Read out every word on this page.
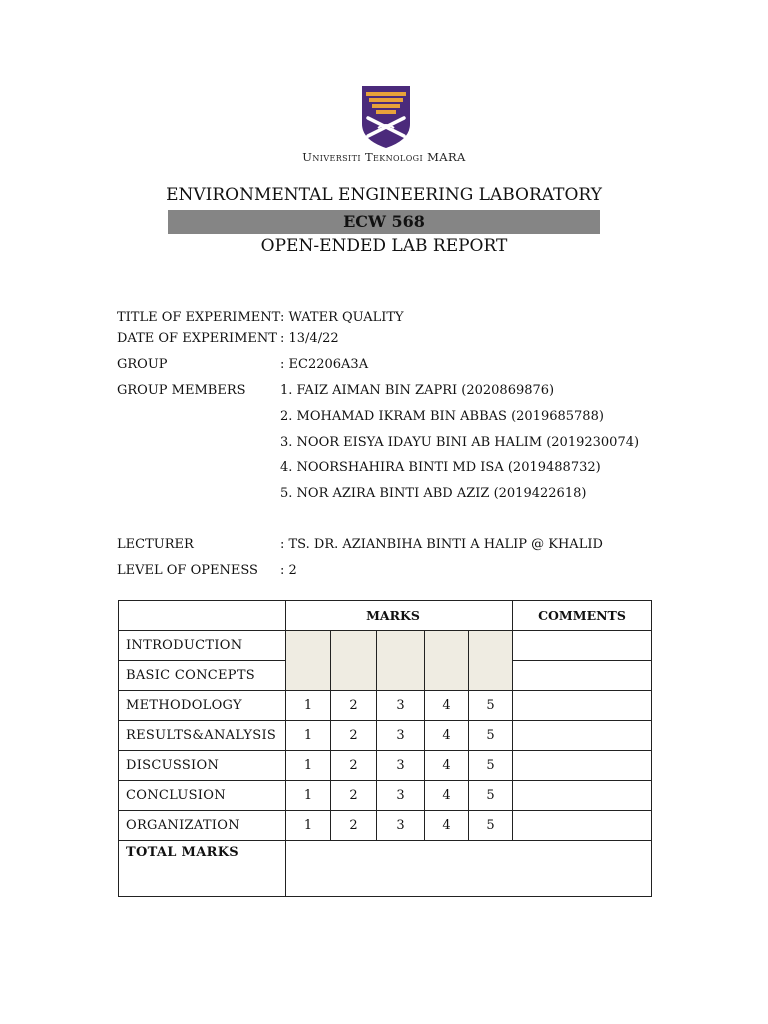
Universiti Teknologi MARA
ENVIRONMENTAL ENGINEERING LABORATORY
ECW 568
OPEN-ENDED LAB REPORT
TITLE OF EXPERIMENT : WATER QUALITY
DATE OF EXPERIMENT : 13/4/22
GROUP	: EC2206A3A
GROUP MEMBERS	1. FAIZ AIMAN BIN ZAPRI (2020869876)
2. MOHAMAD IKRAM BIN ABBAS (2019685788)
3. NOOR EISYA IDAYU BINI AB HALIM (2019230074)
4. NOORSHAHIRA BINTI MD ISA (2019488732)
5. NOR AZIRA BINTI ABD AZIZ (2019422618)
LECTURER	: TS. DR. AZIANBIHA BINTI A HALIP @ KHALID
LEVEL OF OPENESS : 2
	MARKS					COMMENTS
INTRODUCTION						
BASIC CONCEPTS						
METHODOLOGY	1	2	3	4	5	
RESULTS&ANALYSIS	1	2	3	4	5	
DISCUSSION	1	2	3	4	5	
CONCLUSION	1	2	3	4	5	
ORGANIZATION	1	2	3	4	5	
TOTAL MARKS						
